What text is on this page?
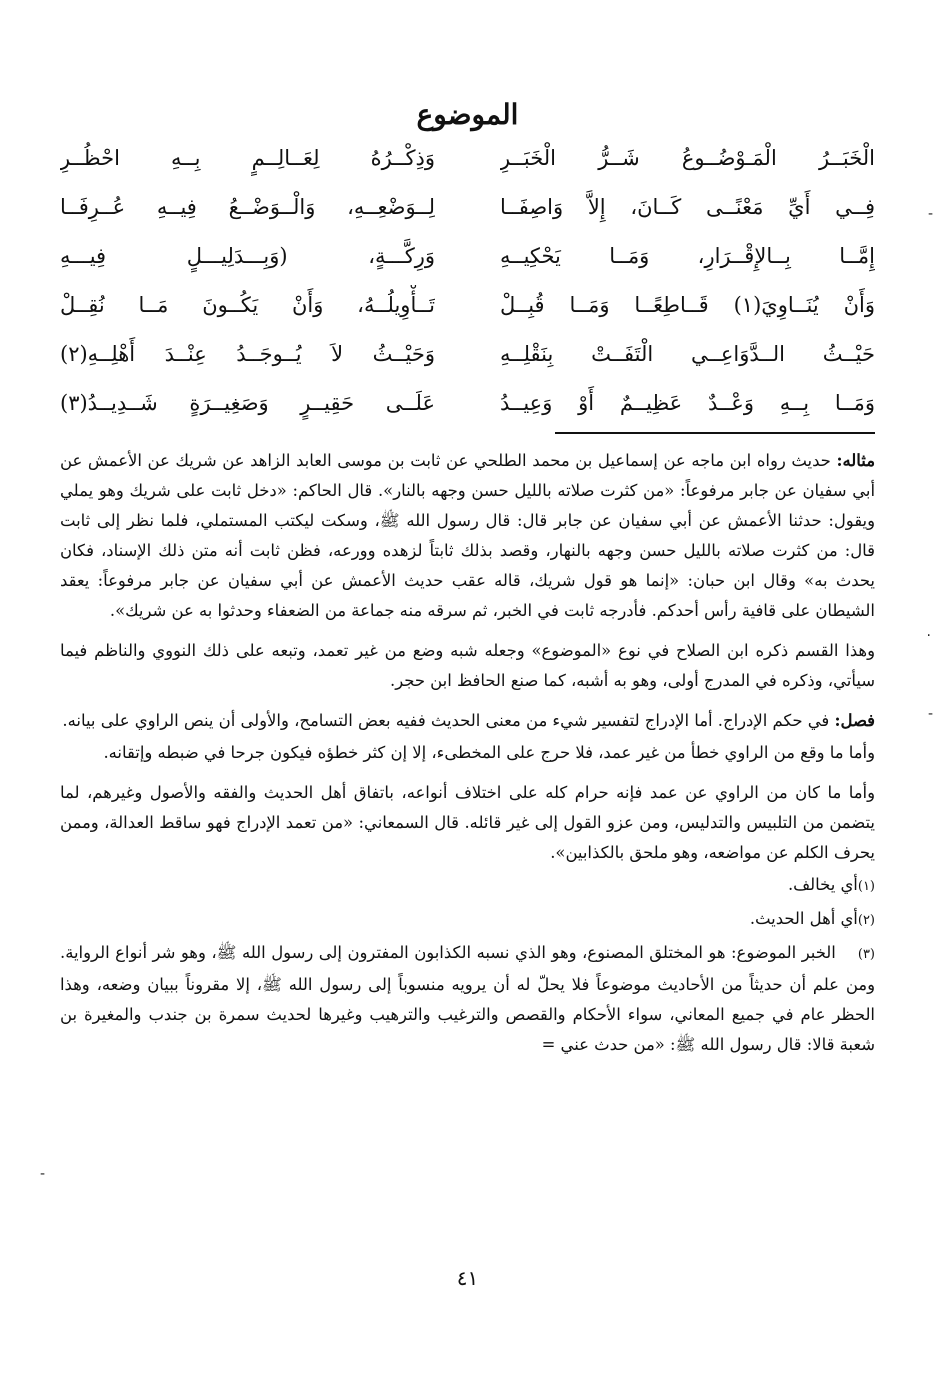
الموضوع
الْخَبَــرُ الْمَـوْضُــوعُ شَــرُّ الْخَبَــرِ
وَذِكْــرُهُ لِعَــالِــمٍ بِــهِ احْظُــرِ
فِــي أَيِّ مَعْنًــى كَــانَ، إِلاَّ وَاصِفَــا
لِــوَضْعِــهِ، وَالْــوَضْــعُ فِيــهِ عُــرِفَــا
إِمَّــا بِــالإِقْــرَارِ، وَمَــا يَحْكِيــهِ
وَرِكَّـــةٍ، (وَبِـــدَلِيـــلٍ فِيـــهِ
وَأَنْ يُنَــاوِيَ(١) قَــاطِعًــا وَمَــا قُبِــلْ
تَــأْوِيلُــهُ، وَأَنْ يَكُــونَ مَــا نُقِــلْ
حَيْــثُ الــدَّوَاعِــي الْتَفَــتْ بِنَقْلِــهِ
وَحَيْــثُ لاَ يُــوجَــدُ عِنْــدَ أَهْلِــهِ(٢)
وَمَــا بِــهِ وَعْــدٌ عَظِيــمٌ أَوْ وَعِيــدُ
عَلَــى حَقِيــرٍ وَصَغِيــرَةٍ شَــدِيــدُ(٣)

مثاله: حديث رواه ابن ماجه عن إسماعيل بن محمد الطلحي عن ثابت بن موسى العابد الزاهد عن شريك عن الأعمش عن أبي سفيان عن جابر مرفوعاً: «من كثرت صلاته بالليل حسن وجهه بالنار». قال الحاكم: «دخل ثابت على شريك وهو يملي ويقول: حدثنا الأعمش عن أبي سفيان عن جابر قال: قال رسول الله ﷺ، وسكت ليكتب المستملي، فلما نظر إلى ثابت قال: من كثرت صلاته بالليل حسن وجهه بالنهار، وقصد بذلك ثابتاً لزهده وورعه، فظن ثابت أنه متن ذلك الإسناد، فكان يحدث به» وقال ابن حبان: «إنما هو قول شريك، قاله عقب حديث الأعمش عن أبي سفيان عن جابر مرفوعاً: يعقد الشيطان على قافية رأس أحدكم. فأدرجه ثابت في الخبر، ثم سرقه منه جماعة من الضعفاء وحدثوا به عن شريك».

وهذا القسم ذكره ابن الصلاح في نوع «الموضوع» وجعله شبه وضع من غير تعمد، وتبعه على ذلك النووي والناظم فيما سيأتي، وذكره في المدرج أولى، وهو به أشبه، كما صنع الحافظ ابن حجر.

فصل: في حكم الإدراج. أما الإدراج لتفسير شيء من معنى الحديث ففيه بعض التسامح، والأولى أن ينص الراوي على بيانه.

وأما ما وقع من الراوي خطأ من غير عمد، فلا حرج على المخطىء، إلا إن كثر خطؤه فيكون جرحا في ضبطه وإتقانه.

وأما ما كان من الراوي عن عمد فإنه حرام كله على اختلاف أنواعه، باتفاق أهل الحديث والفقه والأصول وغيرهم، لما يتضمن من التلبيس والتدليس، ومن عزو القول إلى غير قائله. قال السمعاني: «من تعمد الإدراج فهو ساقط العدالة، وممن يحرف الكلم عن مواضعه، وهو ملحق بالكذابين».

(١)أي يخالف.

(٢)أي أهل الحديث.

(٣)    الخبر الموضوع: هو المختلق المصنوع، وهو الذي نسبه الكذابون المفترون إلى رسول الله ﷺ، وهو شر أنواع الرواية. ومن علم أن حديثاً من الأحاديث موضوعاً فلا يحلّ له أن يرويه منسوباً إلى رسول الله ﷺ، إلا مقروناً ببيان وضعه، وهذا الحظر عام في جميع المعاني، سواء الأحكام والقصص والترغيب والترهيب وغيرها لحديث سمرة بن جندب والمغيرة بن شعبة قالا: قال رسول الله ﷺ: «من حدث عني =

٤١
-
·
-
-
